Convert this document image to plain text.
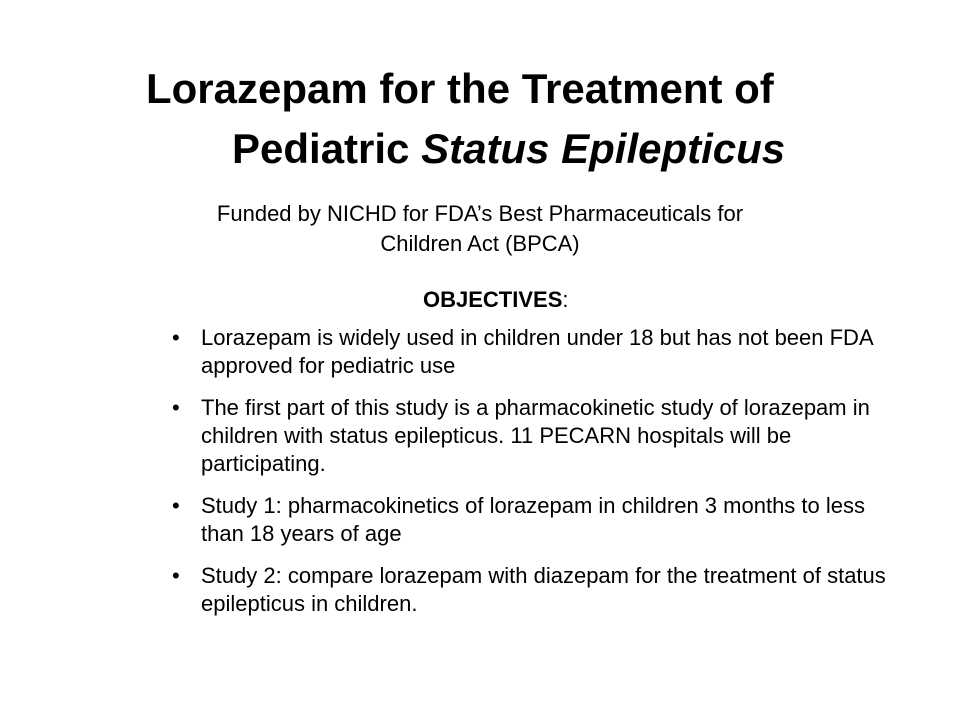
Lorazepam for the Treatment of
Pediatric Status Epilepticus
Funded by NICHD for FDA’s Best Pharmaceuticals for
Children Act (BPCA)
OBJECTIVES:
• Lorazepam is widely used in children under 18 but has not been FDA approved for pediatric use
• The first part of this study is a pharmacokinetic study of lorazepam in children with status epilepticus. 11 PECARN hospitals will be participating.
• Study 1: pharmacokinetics of lorazepam in children 3 months to less than 18 years of age
• Study 2: compare lorazepam with diazepam for the treatment of status epilepticus in children.
